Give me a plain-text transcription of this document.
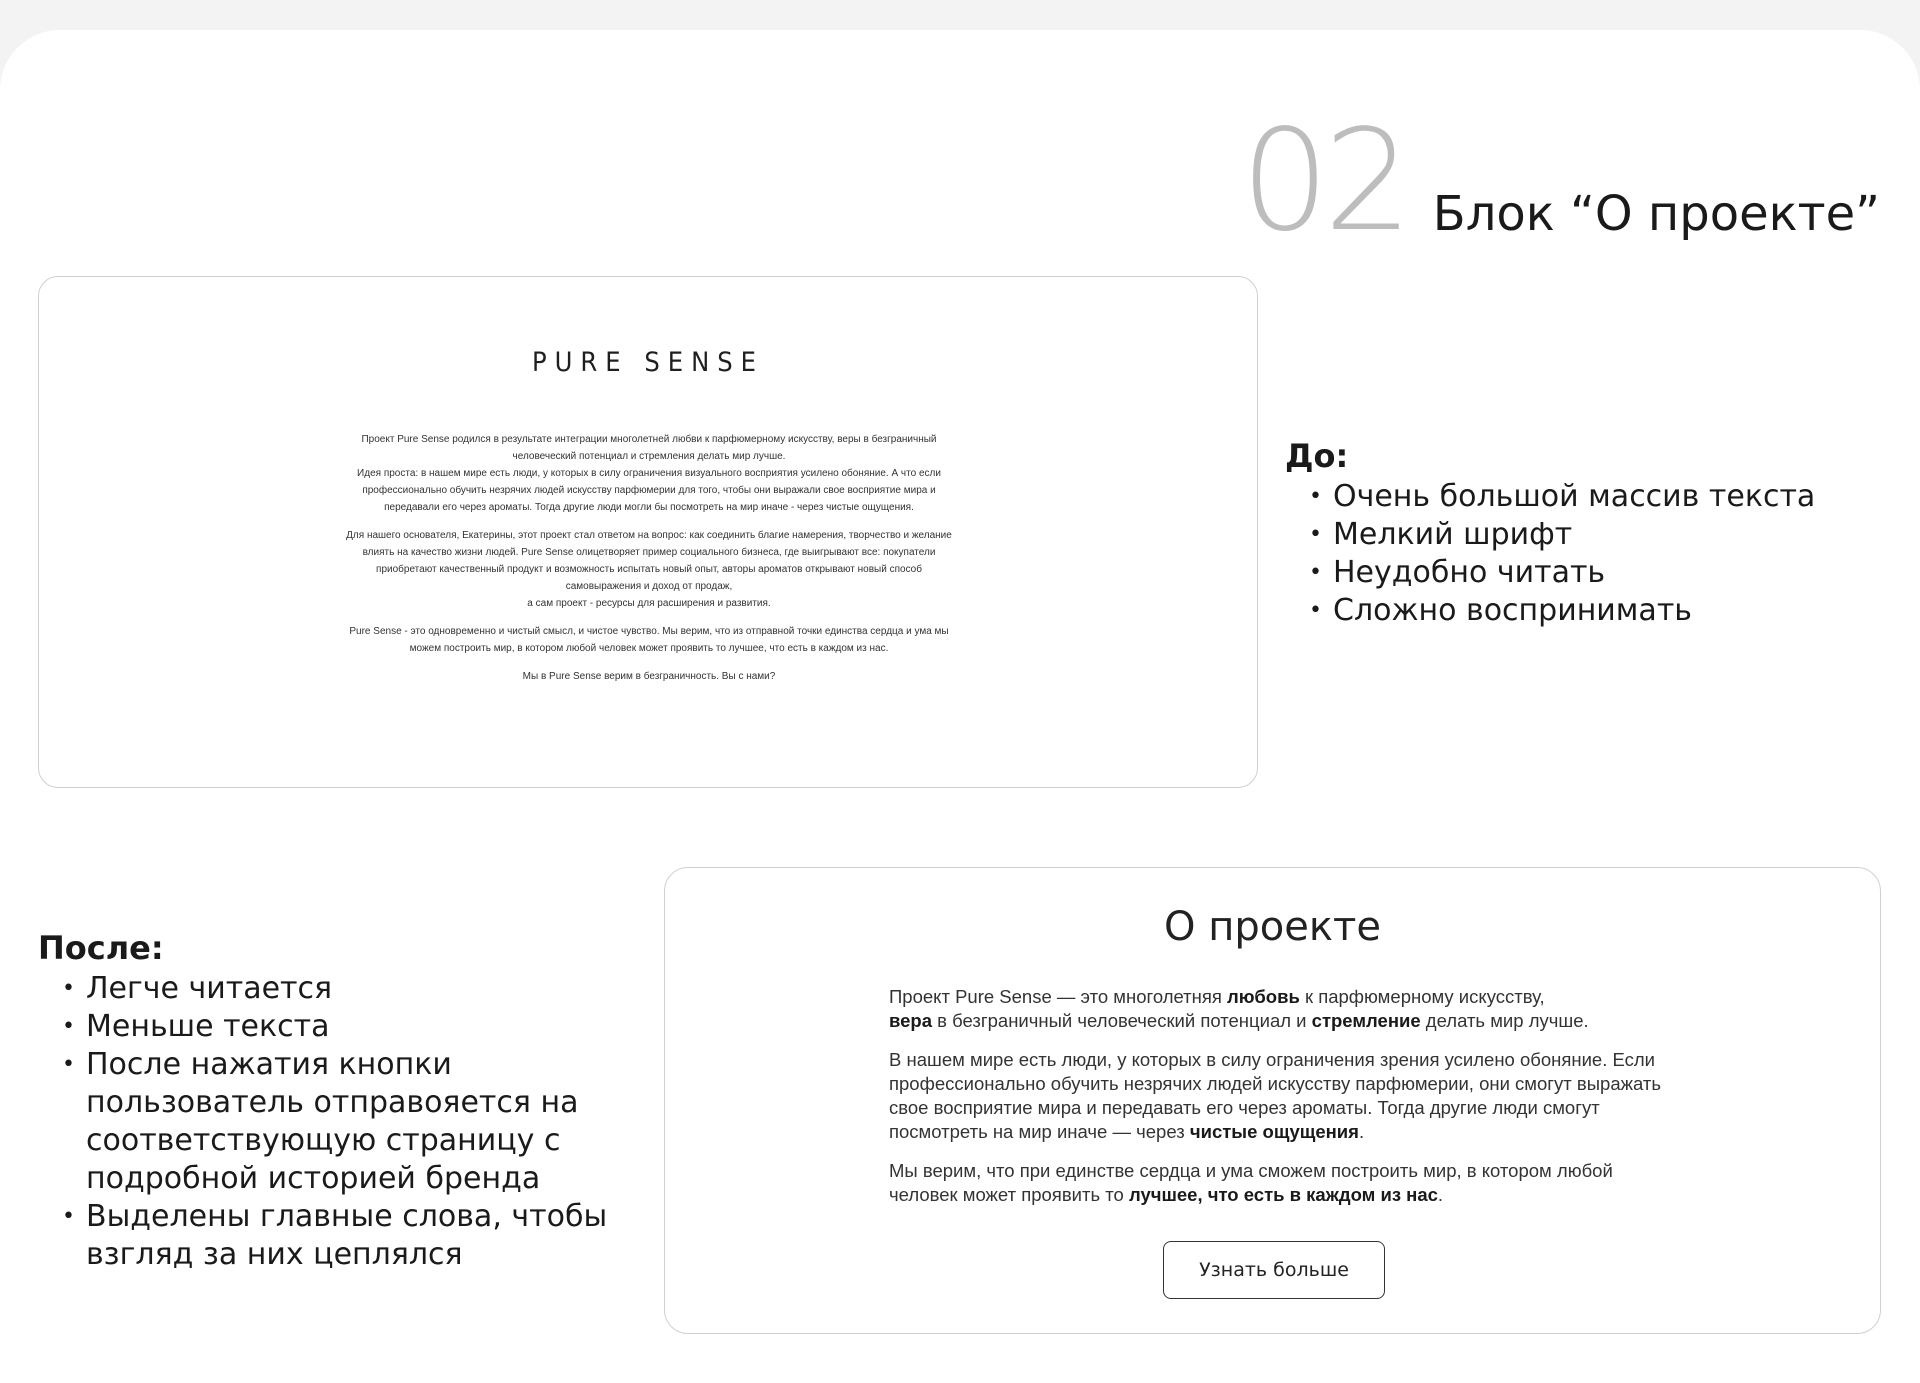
02 Блок “О проекте”
PURE SENSE

Проект Pure Sense родился в результате интеграции многолетней любви к парфюмерному искусству, веры в безграничный человеческий потенциал и стремления делать мир лучше.
Идея проста: в нашем мире есть люди, у которых в силу ограничения визуального восприятия усилено обоняние. А что если профессионально обучить незрячих людей искусству парфюмерии для того, чтобы они выражали свое восприятие мира и передавали его через ароматы. Тогда другие люди могли бы посмотреть на мир иначе - через чистые ощущения.

Для нашего основателя, Екатерины, этот проект стал ответом на вопрос: как соединить благие намерения, творчество и желание влиять на качество жизни людей. Pure Sense олицетворяет пример социального бизнеса, где выигрывают все: покупатели приобретают качественный продукт и возможность испытать новый опыт, авторы ароматов открывают новый способ самовыражения и доход от продаж,
а сам проект - ресурсы для расширения и развития.

Pure Sense - это одновременно и чистый смысл, и чистое чувство. Мы верим, что из отправной точки единства сердца и ума мы можем построить мир, в котором любой человек может проявить то лучшее, что есть в каждом из нас.

Мы в Pure Sense верим в безграничность. Вы с нами?

До:
• Очень большой массив текста
• Мелкий шрифт
• Неудобно читать
• Сложно воспринимать
После:
• Легче читается
• Меньше текста
• После нажатия кнопки пользователь отправояется на соответствующую страницу с подробной историей бренда
• Выделены главные слова, чтобы взгляд за них цеплялся
О проекте

Проект Pure Sense — это многолетняя любовь к парфюмерному искусству,
вера в безграничный человеческий потенциал и стремление делать мир лучше.

В нашем мире есть люди, у которых в силу ограничения зрения усилено обоняние. Если профессионально обучить незрячих людей искусству парфюмерии, они смогут выражать свое восприятие мира и передавать его через ароматы. Тогда другие люди смогут посмотреть на мир иначе — через чистые ощущения.

Мы верим, что при единстве сердца и ума сможем построить мир, в котором любой человек может проявить то лучшее, что есть в каждом из нас.

Узнать больше
